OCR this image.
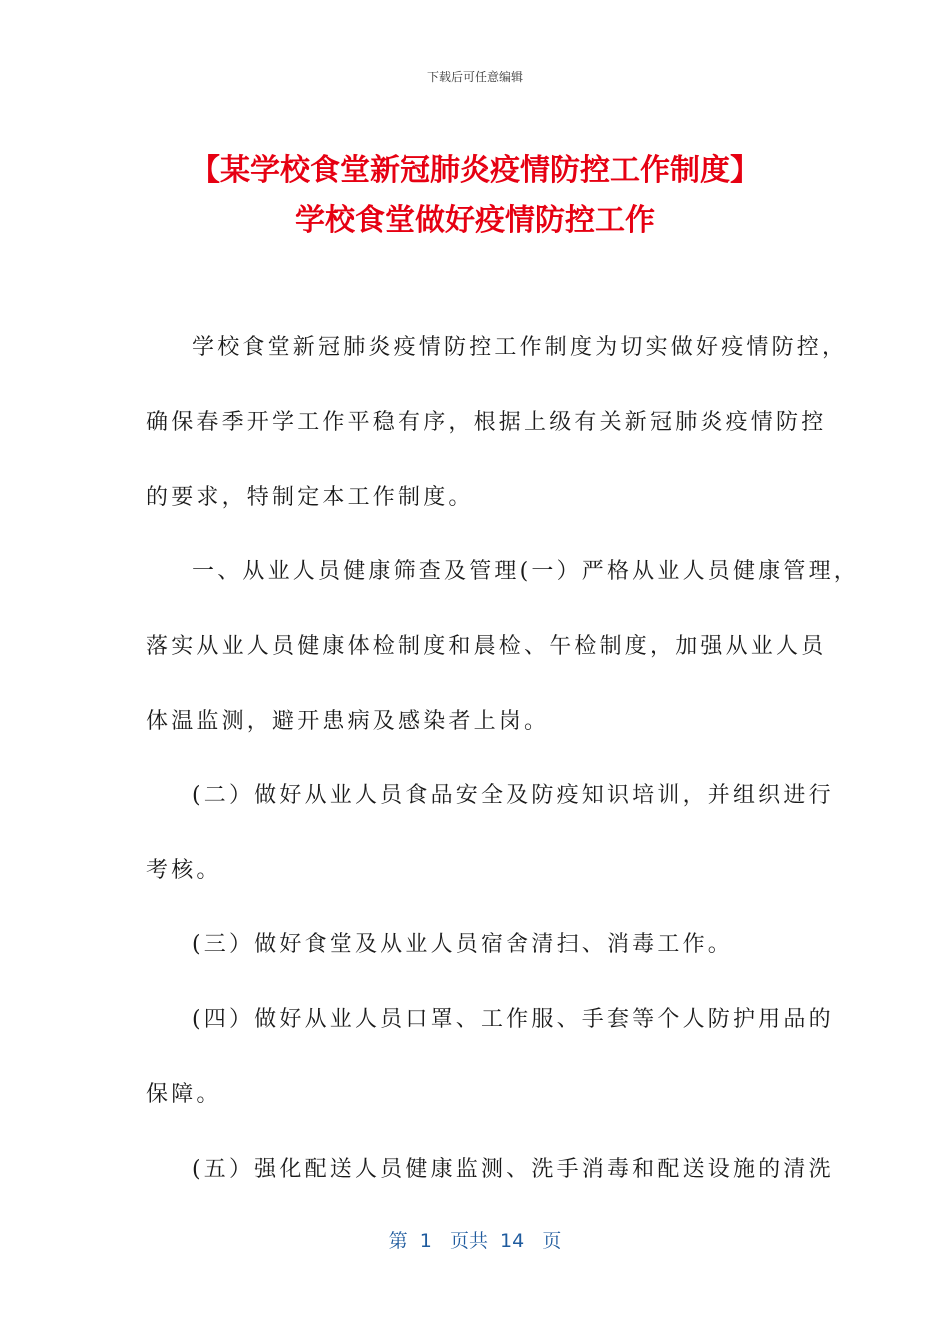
下载后可任意编辑
【某学校食堂新冠肺炎疫情防控工作制度】
学校食堂做好疫情防控工作
学校食堂新冠肺炎疫情防控工作制度为切实做好疫情防控，
确保春季开学工作平稳有序，根据上级有关新冠肺炎疫情防控
的要求，特制定本工作制度。
一、从业人员健康筛查及管理(一）严格从业人员健康管理，
落实从业人员健康体检制度和晨检、午检制度，加强从业人员
体温监测，避开患病及感染者上岗。
(二）做好从业人员食品安全及防疫知识培训，并组织进行
考核。
(三）做好食堂及从业人员宿舍清扫、消毒工作。
(四）做好从业人员口罩、工作服、手套等个人防护用品的
保障。
(五）强化配送人员健康监测、洗手消毒和配送设施的清洗
第  1   页共  14   页
